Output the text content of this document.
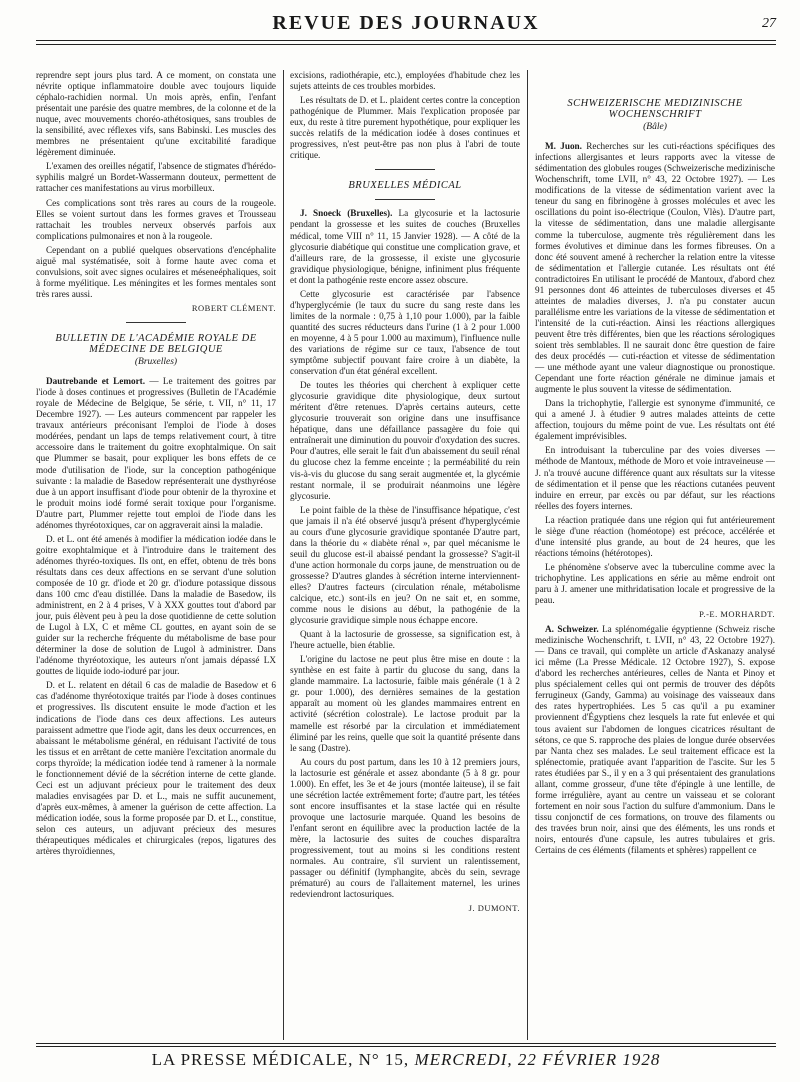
REVUE DES JOURNAUX	27

reprendre sept jours plus tard. A ce moment, on constata une névrite optique inflammatoire double avec toujours liquide céphalo-rachidien normal. Un mois après, enfin, l'enfant présentait une parésie des quatre membres, de la colonne et de la nuque, avec mouvements choréo-athétosiques, sans troubles de la sensibilité, avec réflexes vifs, sans Babinski. Les muscles des membres ne présentaient qu'une excitabilité faradique légèrement diminuée.

L'examen des oreilles négatif, l'absence de stigmates d'hérédo-syphilis malgré un Bordet-Wassermann douteux, permettent de rattacher ces manifestations au virus morbilleux.

Ces complications sont très rares au cours de la rougeole. Elles se voient surtout dans les formes graves et Trousseau rattachait les troubles nerveux observés parfois aux complications pulmonaires et non à la rougeole.

Cependant on a publié quelques observations d'encéphalite aiguë mal systématisée, soit à forme haute avec coma et convulsions, soit avec signes oculaires et méseneéphaliques, soit à forme myélitique. Les méningites et les formes mentales sont très rares aussi.

ROBERT CLÉMENT.
BULLETIN DE L'ACADÉMIE ROYALE DE MÉDECINE DE BELGIQUE
(Bruxelles)

Dautrebande et Lemort. — Le traitement des goitres par l'iode à doses continues et progressives (Bulletin de l'Académie royale de Médecine de Belgique, 5e série, t. VII, n° 11, 17 Decembre 1927). — Les auteurs commencent par rappeler les travaux antérieurs préconisant l'emploi de l'iode à doses modérées, pendant un laps de temps relativement court, à titre accessoire dans le traitement du goitre exophtalmique. On sait que Plummer se basait, pour expliquer les bons effets de ce mode d'utilisation de l'iode, sur la conception pathogénique suivante : la maladie de Basedow représenterait une dysthyréose due à un apport insuffisant d'iode pour obtenir de la thyroxine et le produit moins iodé formé serait toxique pour l'organisme. D'autre part, Plummer rejette tout emploi de l'iode dans les adénomes thyréotoxiques, car on aggraverait ainsi la maladie.

D. et L. ont été amenés à modifier la médication iodée dans le goitre exophtalmique et à l'introduire dans le traitement des adénomes thyréo-toxiques. Ils ont, en effet, obtenu de très bons résultats dans ces deux affections en se servant d'une solution composée de 10 gr. d'iode et 20 gr. d'iodure potassique dissous dans 100 cmc d'eau distillée. Dans la maladie de Basedow, ils administrent, en 2 à 4 prises, V à XXX gouttes tout d'abord par jour, puis élèvent peu à peu la dose quotidienne de cette solution de Lugol à LX, C et même CL gouttes, en ayant soin de se guider sur la recherche fréquente du métabolisme de base pour déterminer la dose de solution de Lugol à administrer. Dans l'adénome thyréotoxique, les auteurs n'ont jamais dépassé LX gouttes de liquide iodo-ioduré par jour.

D. et L. relatent en détail 6 cas de maladie de Basedow et 6 cas d'adénome thyréotoxique traités par l'iode à doses continues et progressives. Ils discutent ensuite le mode d'action et les indications de l'iode dans ces deux affections. Les auteurs paraissent admettre que l'iode agit, dans les deux occurrences, en abaissant le métabolisme général, en réduisant l'activité de tous les tissus et en arrêtant de cette manière l'excitation anormale du corps thyroïde; la médication iodée tend à ramener à la normale le fonctionnement dévié de la sécrétion interne de cette glande. Ceci est un adjuvant précieux pour le traitement des deux maladies envisagées par D. et L., mais ne suffit aucunement, d'après eux-mêmes, à amener la guérison de cette affection. La médication iodée, sous la forme proposée par D. et L., constitue, selon ces auteurs, un adjuvant précieux des mesures thérapeutiques médicales et chirurgicales (repos, ligatures des artères thyroïdiennes,

excisions, radiothérapie, etc.), employées d'habitude chez les sujets atteints de ces troubles morbides.

Les résultats de D. et L. plaident certes contre la conception pathogénique de Plummer. Mais l'explication proposée par eux, du reste à titre purement hypothétique, pour expliquer les succès relatifs de la médication iodée à doses continues et progressives, n'est peut-être pas non plus à l'abri de toute critique.

BRUXELLES MÉDICAL

J. Snoeck (Bruxelles). La glycosurie et la lactosurie pendant la grossesse et les suites de couches (Bruxelles médical, tome VIII n° 11, 15 Janvier 1928). — A côté de la glycosurie diabétique qui constitue une complication grave, et d'ailleurs rare, de la grossesse, il existe une glycosurie gravidique physiologique, bénigne, infiniment plus fréquente et dont la pathogénie reste encore assez obscure.

Cette glycosurie est caractérisée par l'absence d'hyperglycémie (le taux du sucre du sang reste dans les limites de la normale : 0,75 à 1,10 pour 1.000), par la faible quantité des sucres réducteurs dans l'urine (1 à 2 pour 1.000 en moyenne, 4 à 5 pour 1.000 au maximum), l'influence nulle des variations de régime sur ce taux, l'absence de tout symptôme subjectif pouvant faire croire à un diabète, la conservation d'un état général excellent.

De toutes les théories qui cherchent à expliquer cette glycosurie gravidique dite physiologique, deux surtout méritent d'être retenues. D'après certains auteurs, cette glycosurie trouverait son origine dans une insuffisance hépatique, dans une défaillance passagère du foie qui entraînerait une diminution du pouvoir d'oxydation des sucres. Pour d'autres, elle serait le fait d'un abaissement du seuil rénal du glucose chez la femme enceinte ; la perméabilité du rein vis-à-vis du glucose du sang serait augmentée et, la glycémie restant normale, il se produirait néanmoins une légère glycosurie.

Le point faible de la thèse de l'insuffisance hépatique, c'est que jamais il n'a été observé jusqu'à présent d'hyperglycémie au cours d'une glycosurie gravidique spontanée D'autre part, dans la théorie du « diabète rénal », par quel mécanisme le seuil du glucose est-il abaissé pendant la grossesse? S'agit-il d'une action hormonale du corps jaune, de menstruation ou de grossesse? D'autres glandes à sécrétion interne interviennent-elles? D'autres facteurs (circulation rénale, métabolisme calcique, etc.) sont-ils en jeu? On ne sait et, en somme, comme nous le disions au début, la pathogénie de la glycosurie gravidique simple nous échappe encore.

Quant à la lactosurie de grossesse, sa signification est, à l'heure actuelle, bien établie.

L'origine du lactose ne peut plus être mise en doute : la synthèse en est faite à partir du glucose du sang, dans la glande mammaire. La lactosurie, faible mais générale (1 à 2 gr. pour 1.000), des dernières semaines de la gestation apparaît au moment où les glandes mammaires entrent en activité (sécrétion colostrale). Le lactose produit par la mamelle est résorbé par la circulation et immédiatement éliminé par les reins, quelle que soit la quantité présente dans le sang (Dastre).

Au cours du post partum, dans les 10 à 12 premiers jours, la lactosurie est générale et assez abondante (5 à 8 gr. pour 1.000). En effet, les 3e et 4e jours (montée laiteuse), il se fait une sécrétion lactée extrêmement forte; d'autre part, les tétées sont encore insuffisantes et la stase lactée qui en résulte provoque une lactosurie marquée. Quand les besoins de l'enfant seront en équilibre avec la production lactée de la mère, la lactosurie des suites de couches disparaîtra progressivement, tout au moins si les conditions restent normales. Au contraire, s'il survient un ralentissement, passager ou définitif (lymphangite, abcès du sein, sevrage prématuré) au cours de l'allaitement maternel, les urines redeviendront lactosuriques.

J. DUMONT.
SCHWEIZERISCHE MEDIZINISCHE WOCHENSCHRIFT
(Bâle)

M. Juon. Recherches sur les cuti-réactions spécifiques des infections allergisantes et leurs rapports avec la vitesse de sédimentation des globules rouges (Schweizerische medizinische Wochenschrift, tome LVII, n° 43, 22 Octobre 1927). — Les modifications de la vitesse de sédimentation varient avec la teneur du sang en fibrinogène à grosses molécules et avec les oscillations du point iso-électrique (Coulon, Vlès). D'autre part, la vitesse de sédimentation, dans une maladie allergisante comme la tuberculose, augmente très régulièrement dans les formes évolutives et diminue dans les formes fibreuses. On a donc été souvent amené à rechercher la relation entre la vitesse de sédimentation et l'allergie cutanée. Les résultats ont été contradictoires En utilisant le procédé de Mantoux, d'abord chez 91 personnes dont 46 atteintes de tuberculoses diverses et 45 atteintes de maladies diverses, J. n'a pu constater aucun parallélisme entre les variations de la vitesse de sédimentation et l'intensité de la cuti-réaction. Ainsi les réactions allergiques peuvent être très différentes, bien que les réactions sérologiques soient très semblables. Il ne saurait donc être question de faire des deux procédés — cuti-réaction et vitesse de sédimentation — une méthode ayant une valeur diagnostique ou pronostique. Cependant une forte réaction générale ne diminue jamais et augmente le plus souvent la vitesse de sédimentation.

Dans la trichophytie, l'allergie est synonyme d'immunité, ce qui a amené J. à étudier 9 autres malades atteints de cette affection, toujours du même point de vue. Les résultats ont été également imprévisibles.

En introduisant la tuberculine par des voies diverses — méthode de Mantoux, méthode de Moro et voie intraveineuse — J. n'a trouvé aucune différence quant aux résultats sur la vitesse de sédimentation et il pense que les réactions cutanées peuvent induire en erreur, par excès ou par défaut, sur les réactions réelles des foyers internes.

La réaction pratiquée dans une région qui fut antérieurement le siège d'une réaction (homéotope) est précoce, accélérée et d'une intensité plus grande, au bout de 24 heures, que les réactions témoins (hétérotopes).

Le phénomène s'observe avec la tuberculine comme avec la trichophytine. Les applications en série au même endroit ont paru à J. amener une mithridatisation locale et progressive de la peau.

P.-E. MORHARDT.

A. Schweizer. La splénomégalie égyptienne (Schweiz rische medizinische Wochenschrift, t. LVII, n° 43, 22 Octobre 1927). — Dans ce travail, qui complète un article d'Askanazy analysé ici même (La Presse Médicale. 12 Octobre 1927), S. expose d'abord les recherches antérieures, celles de Nanta et Pinoy et plus spécialement celles qui ont permis de trouver des dépôts ferrugineux (Gandy, Gamma) au voisinage des vaisseaux dans des rates hypertrophiées. Les 5 cas qu'il a pu examiner proviennent d'Égyptiens chez lesquels la rate fut enlevée et qui tous avaient sur l'abdomen de longues cicatrices résultant de sétons, ce que S. rapproche des plaies de longue durée observées par Nanta chez ses malades. Le seul traitement efficace est la splénectomie, pratiquée avant l'apparition de l'ascite. Sur les 5 rates étudiées par S., il y en a 3 qui présentaient des granulations allant, comme grosseur, d'une tête d'épingle à une lentille, de forme irrégulière, ayant au centre un vaisseau et se colorant fortement en noir sous l'action du sulfure d'ammonium. Dans le tissu conjonctif de ces formations, on trouve des filaments ou des travées brun noir, ainsi que des éléments, les uns ronds et noirs, entourés d'une capsule, les autres tubulaires et gris. Certains de ces éléments (filaments et sphères) rappellent ce

LA PRESSE MÉDICALE, N° 15, MERCREDI, 22 FÉVRIER 1928
